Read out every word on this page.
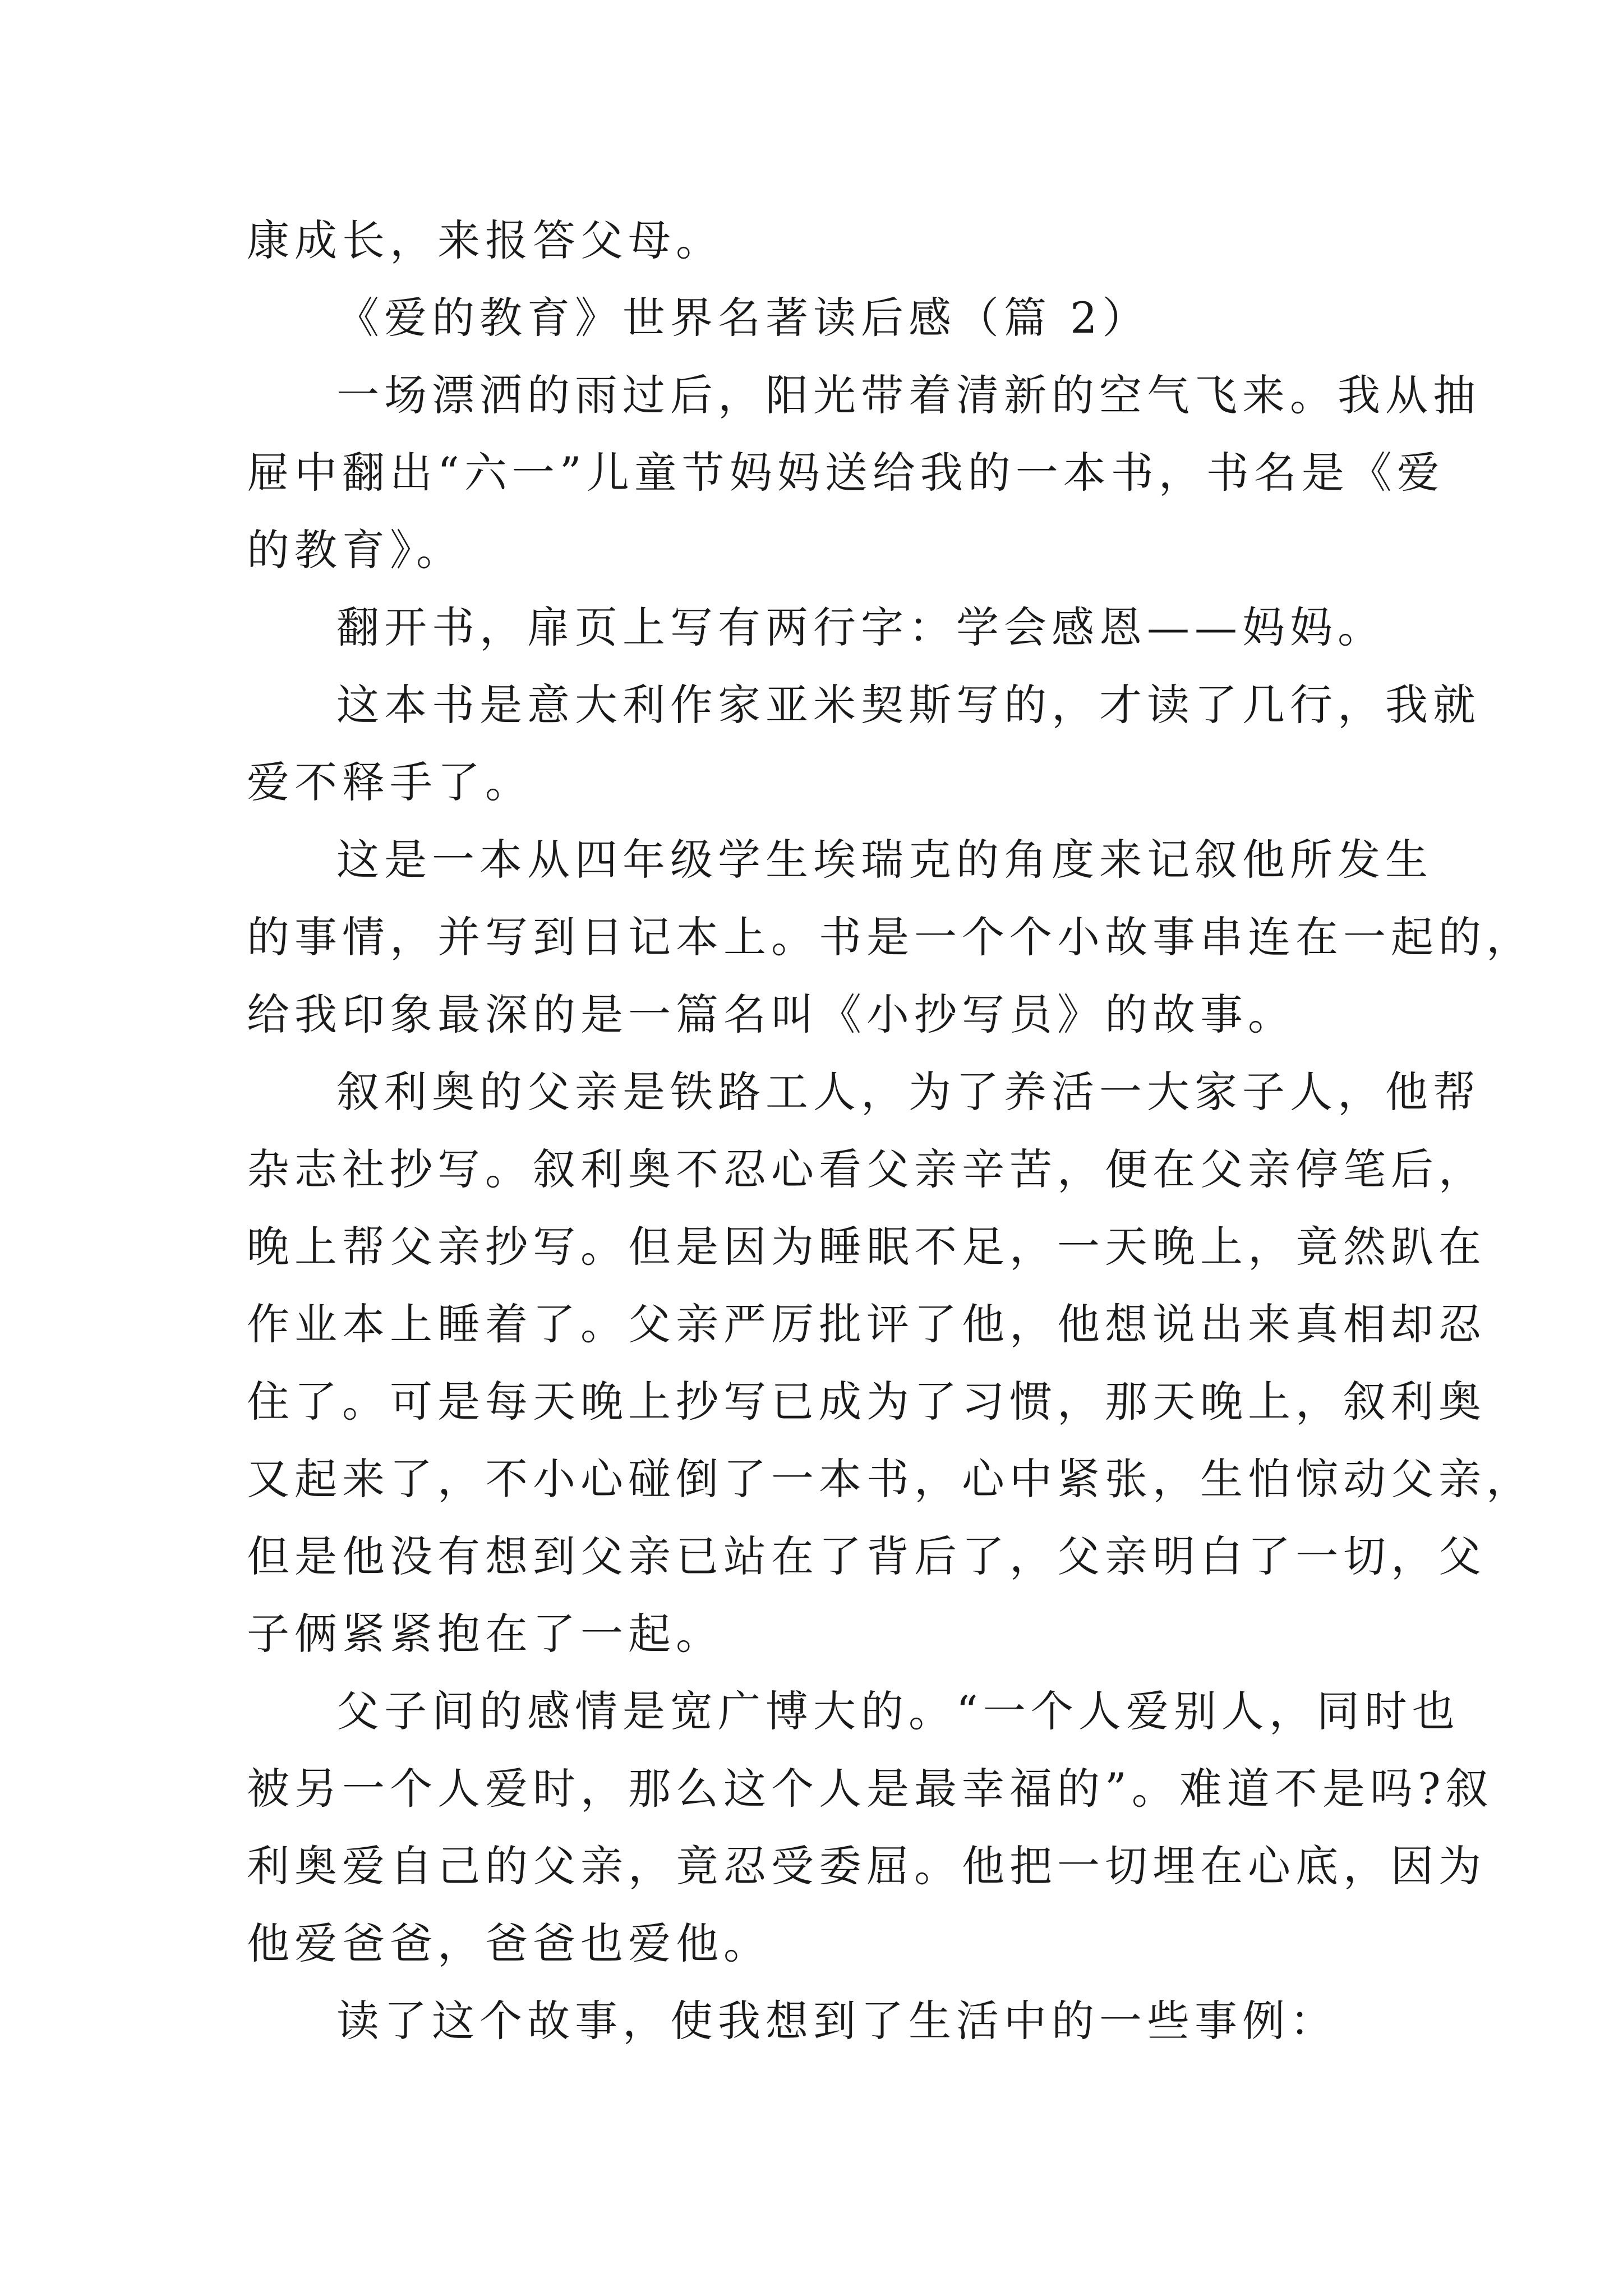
康成长，来报答父母。
《爱的教育》世界名著读后感（篇 2）
一场漂洒的雨过后，阳光带着清新的空气飞来。我从抽
屉中翻出“六一”儿童节妈妈送给我的一本书，书名是《爱
的教育》。
翻开书，扉页上写有两行字：学会感恩——妈妈。
这本书是意大利作家亚米契斯写的，才读了几行，我就
爱不释手了。
这是一本从四年级学生埃瑞克的角度来记叙他所发生
的事情，并写到日记本上。书是一个个小故事串连在一起的，
给我印象最深的是一篇名叫《小抄写员》的故事。
叙利奥的父亲是铁路工人，为了养活一大家子人，他帮
杂志社抄写。叙利奥不忍心看父亲辛苦，便在父亲停笔后，
晚上帮父亲抄写。但是因为睡眠不足，一天晚上，竟然趴在
作业本上睡着了。父亲严厉批评了他，他想说出来真相却忍
住了。可是每天晚上抄写已成为了习惯，那天晚上，叙利奥
又起来了，不小心碰倒了一本书，心中紧张，生怕惊动父亲，
但是他没有想到父亲已站在了背后了，父亲明白了一切，父
子俩紧紧抱在了一起。
父子间的感情是宽广博大的。“一个人爱别人，同时也
被另一个人爱时，那么这个人是最幸福的”。难道不是吗?叙
利奥爱自己的父亲，竟忍受委屈。他把一切埋在心底，因为
他爱爸爸，爸爸也爱他。
读了这个故事，使我想到了生活中的一些事例：
